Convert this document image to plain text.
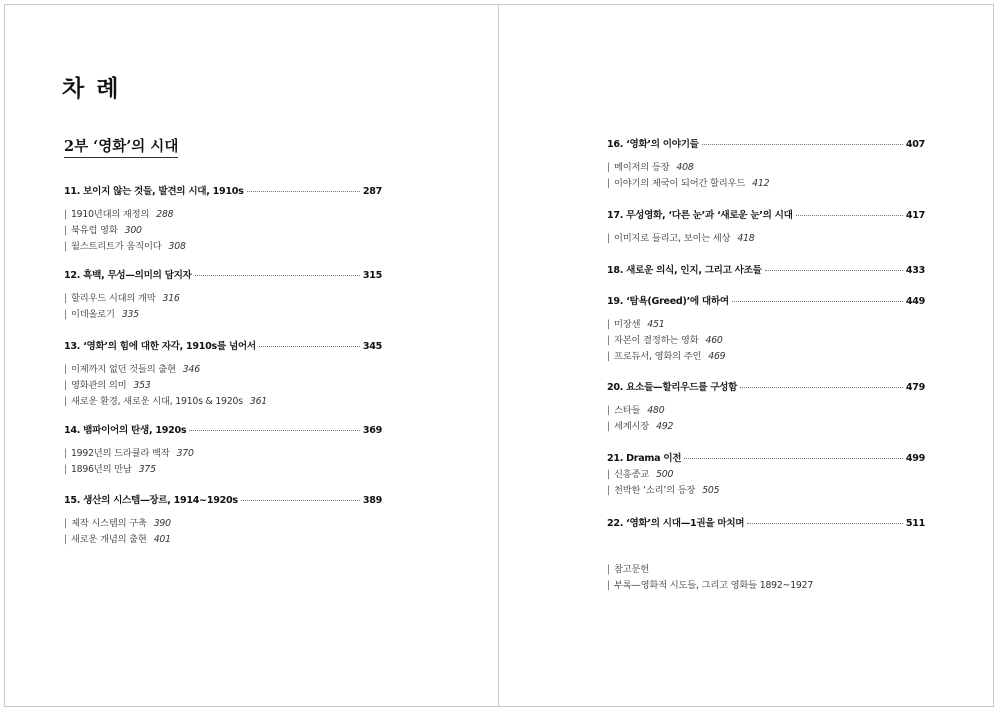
차 례
2부 ‘영화’의 시대
11. 보이지 않는 것들, 발견의 시대, 1910s	287
| 1910년대의 재정의 288
| 북유럽 영화 300
| 월스트리트가 움직이다 308
12. 흑백, 무성—의미의 담지자	315
| 할리우드 시대의 개막 316
| 이데올로기 335
13. ‘영화’의 힘에 대한 자각, 1910s를 넘어서	345
| 이제까지 없던 것들의 출현 346
| 영화관의 의미 353
| 새로운 환경, 새로운 시대, 1910s & 1920s 361
14. 뱀파이어의 탄생, 1920s	369
| 1992년의 드라큘라 백작 370
| 1896년의 만남 375
15. 생산의 시스템—장르, 1914~1920s	389
| 제작 시스템의 구축 390
| 새로운 개념의 출현 401
16. ‘영화’의 이야기들	407
| 메이저의 등장 408
| 이야기의 제국이 되어간 할리우드 412
17. 무성영화, ‘다른 눈’과 ‘새로운 눈’의 시대	417
| 이미지로 들리고, 보이는 세상 418
18. 새로운 의식, 인지, 그리고 사조들	433
19. ‘탐욕(Greed)’에 대하여	449
| 미장센 451
| 자본이 결정하는 영화 460
| 프로듀서, 영화의 주인 469
20. 요소들—할리우드를 구성함	479
| 스타들 480
| 세계시장 492
21. Drama 이전	499
| 신흥종교 500
| 천박한 ‘소리’의 등장 505
22. ‘영화’의 시대—1권을 마치며	511
| 참고문헌
| 부록—영화적 시도들, 그리고 영화들 1892~1927
